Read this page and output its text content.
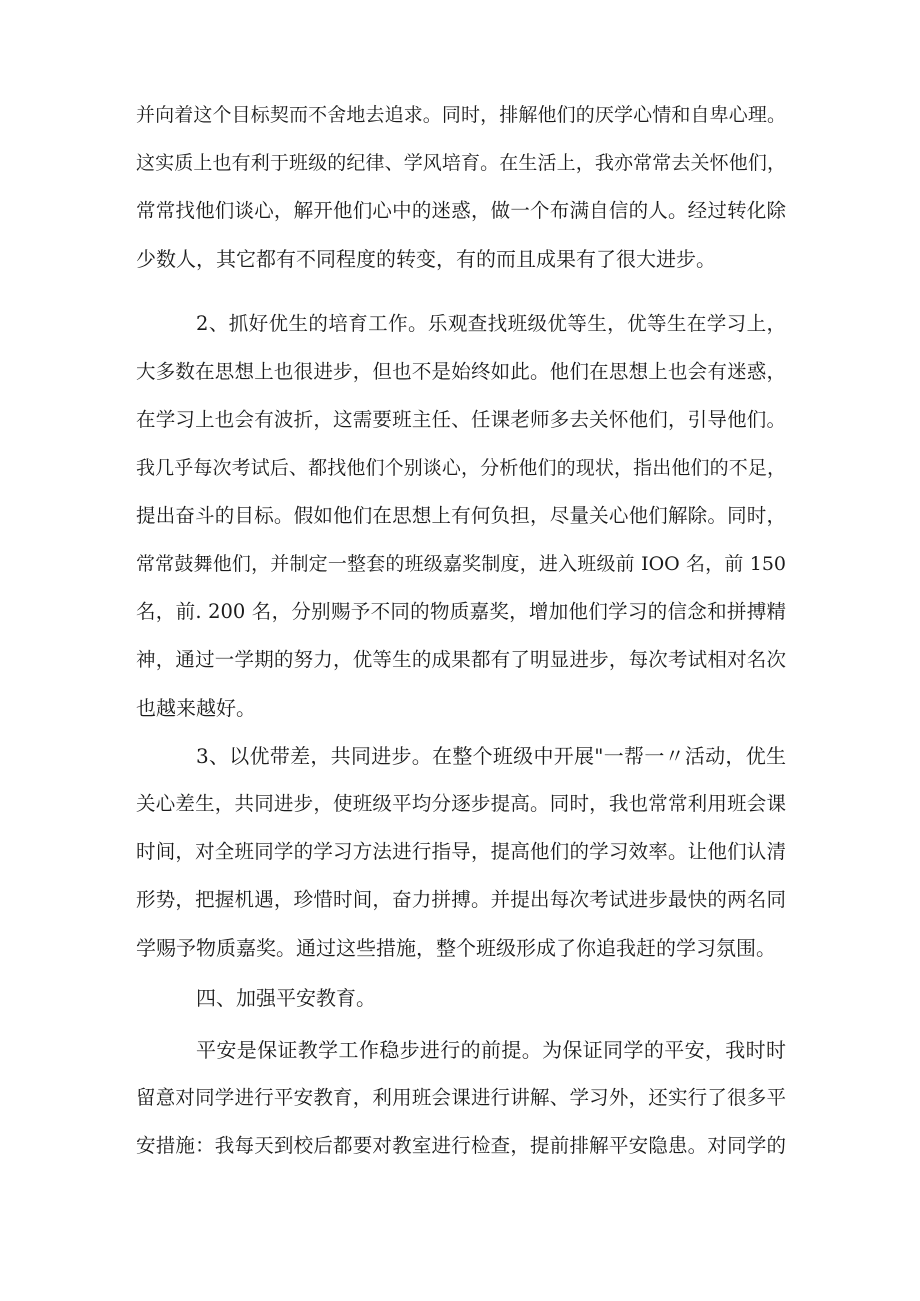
并向着这个目标契而不舍地去追求。同时，排解他们的厌学心情和自卑心理。
这实质上也有利于班级的纪律、学风培育。在生活上，我亦常常去关怀他们，
常常找他们谈心，解开他们心中的迷惑，做一个布满自信的人。经过转化除
少数人，其它都有不同程度的转变，有的而且成果有了很大进步。
2、抓好优生的培育工作。乐观查找班级优等生，优等生在学习上，
大多数在思想上也很进步，但也不是始终如此。他们在思想上也会有迷惑，
在学习上也会有波折，这需要班主任、任课老师多去关怀他们，引导他们。
我几乎每次考试后、都找他们个别谈心，分析他们的现状，指出他们的不足，
提出奋斗的目标。假如他们在思想上有何负担，尽量关心他们解除。同时，
常常鼓舞他们，并制定一整套的班级嘉奖制度，进入班级前 IOO 名，前 150
名，前. 200 名，分别赐予不同的物质嘉奖，增加他们学习的信念和拼搏精
神，通过一学期的努力，优等生的成果都有了明显进步，每次考试相对名次
也越来越好。
3、以优带差，共同进步。在整个班级中开展"一帮一〃活动，优生
关心差生，共同进步，使班级平均分逐步提高。同时，我也常常利用班会课
时间，对全班同学的学习方法进行指导，提高他们的学习效率。让他们认清
形势，把握机遇，珍惜时间，奋力拼搏。并提出每次考试进步最快的两名同
学赐予物质嘉奖。通过这些措施，整个班级形成了你追我赶的学习氛围。
四、加强平安教育。
平安是保证教学工作稳步进行的前提。为保证同学的平安，我时时
留意对同学进行平安教育，利用班会课进行讲解、学习外，还实行了很多平
安措施：我每天到校后都要对教室进行检查，提前排解平安隐患。对同学的
